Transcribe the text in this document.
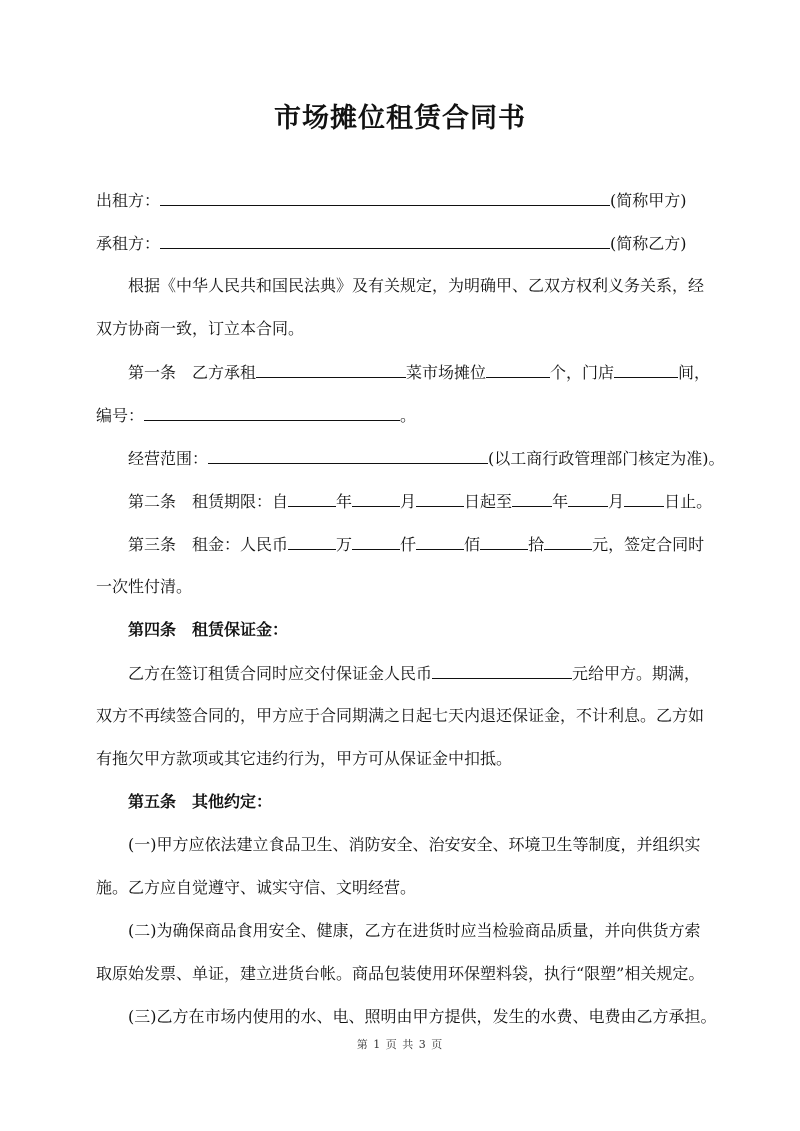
市场摊位租赁合同书
出租方：	(简称甲方)
承租方：	(简称乙方)
根据《中华人民共和国民法典》及有关规定，为明确甲、乙双方权利义务关系，经
双方协商一致，订立本合同。
第一条　乙方承租	菜市场摊位	个，门店	间，
编号：	。
经营范围：	(以工商行政管理部门核定为准)。
第二条　租赁期限：自	年	月	日起至	年	月	日止。
第三条　租金：人民币	万	仟	佰	拾	元，签定合同时
一次性付清。
第四条　租赁保证金：
乙方在签订租赁合同时应交付保证金人民币	元给甲方。期满，
双方不再续签合同的，甲方应于合同期满之日起七天内退还保证金，不计利息。乙方如
有拖欠甲方款项或其它违约行为，甲方可从保证金中扣抵。
第五条　其他约定：
(一)甲方应依法建立食品卫生、消防安全、治安安全、环境卫生等制度，并组织实
施。乙方应自觉遵守、诚实守信、文明经营。
(二)为确保商品食用安全、健康，乙方在进货时应当检验商品质量，并向供货方索
取原始发票、单证，建立进货台帐。商品包装使用环保塑料袋，执行“限塑”相关规定。
(三)乙方在市场内使用的水、电、照明由甲方提供，发生的水费、电费由乙方承担。
第 1 页 共 3 页
